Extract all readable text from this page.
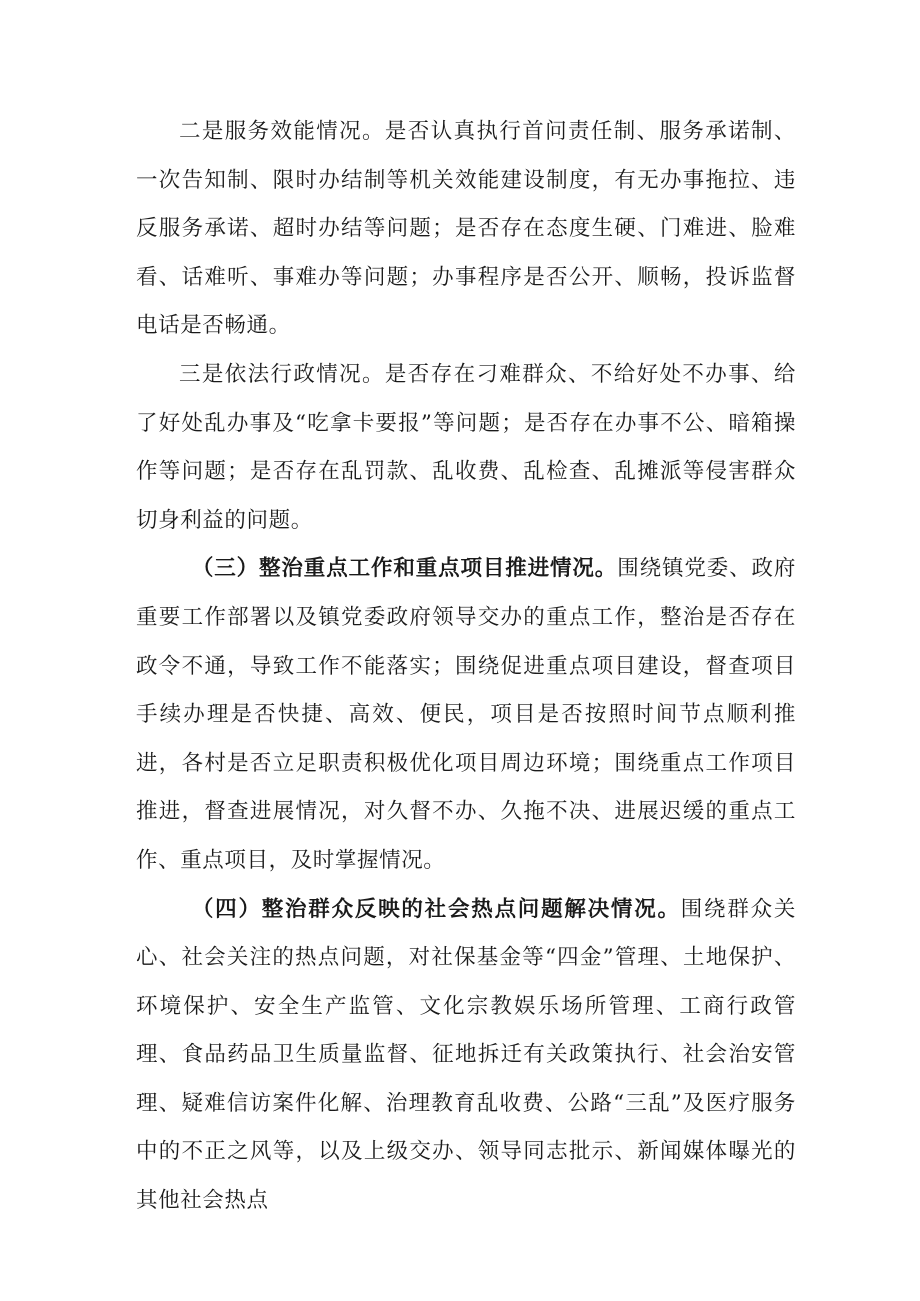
二是服务效能情况。是否认真执行首问责任制、服务承诺制、一次告知制、限时办结制等机关效能建设制度，有无办事拖拉、违反服务承诺、超时办结等问题；是否存在态度生硬、门难进、脸难看、话难听、事难办等问题；办事程序是否公开、顺畅，投诉监督电话是否畅通。

三是依法行政情况。是否存在刁难群众、不给好处不办事、给了好处乱办事及“吃拿卡要报”等问题；是否存在办事不公、暗箱操作等问题；是否存在乱罚款、乱收费、乱检查、乱摊派等侵害群众切身利益的问题。

（三）整治重点工作和重点项目推进情况。围绕镇党委、政府重要工作部署以及镇党委政府领导交办的重点工作，整治是否存在政令不通，导致工作不能落实；围绕促进重点项目建设，督查项目手续办理是否快捷、高效、便民，项目是否按照时间节点顺利推进，各村是否立足职责积极优化项目周边环境；围绕重点工作项目推进，督查进展情况，对久督不办、久拖不决、进展迟缓的重点工作、重点项目，及时掌握情况。

（四）整治群众反映的社会热点问题解决情况。围绕群众关心、社会关注的热点问题，对社保基金等“四金”管理、土地保护、环境保护、安全生产监管、文化宗教娱乐场所管理、工商行政管理、食品药品卫生质量监督、征地拆迁有关政策执行、社会治安管理、疑难信访案件化解、治理教育乱收费、公路“三乱”及医疗服务中的不正之风等，以及上级交办、领导同志批示、新闻媒体曝光的其他社会热点
